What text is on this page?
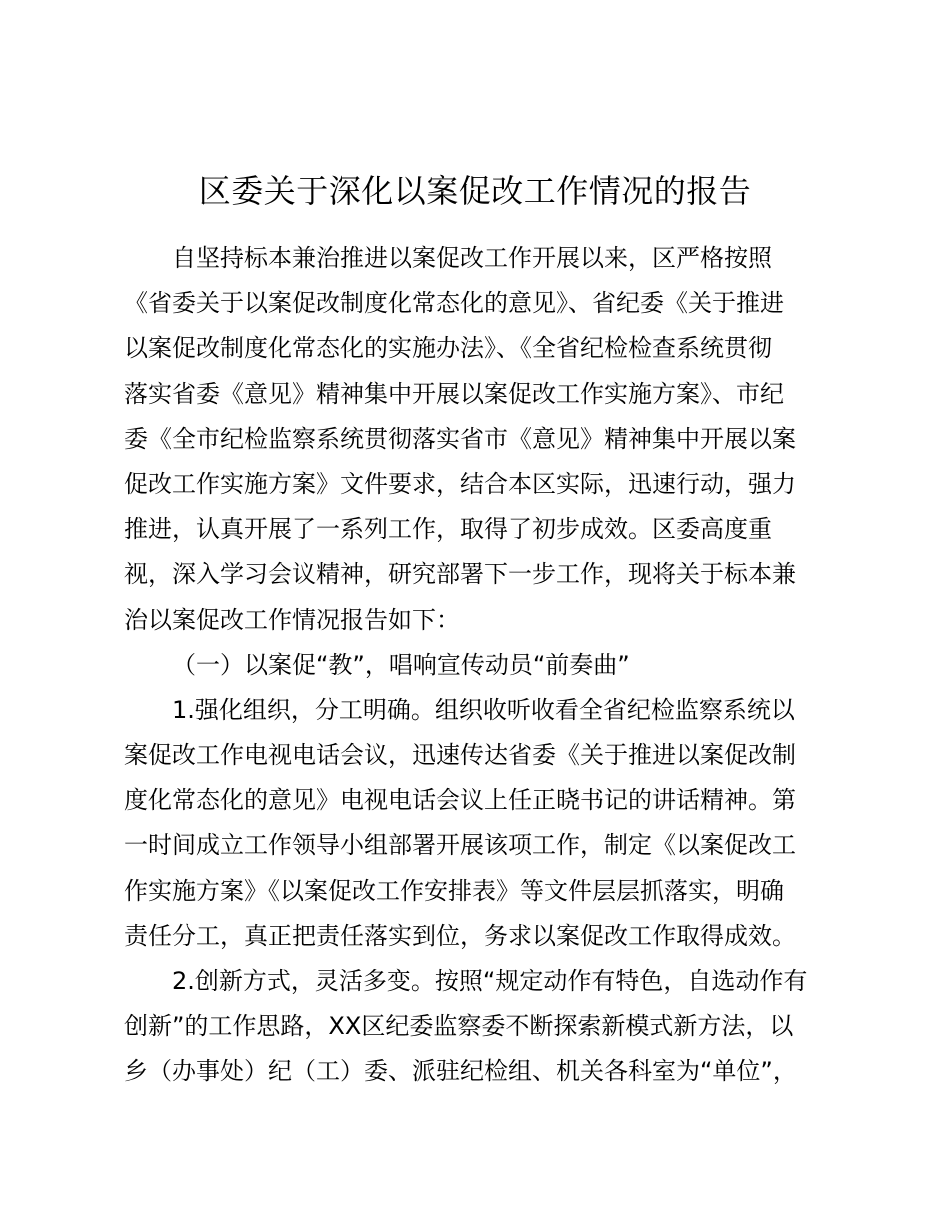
区委关于深化以案促改工作情况的报告
自坚持标本兼治推进以案促改工作开展以来，区严格按照
《省委关于以案促改制度化常态化的意见》、省纪委《关于推进
以案促改制度化常态化的实施办法》、《全省纪检检查系统贯彻
落实省委《意见》精神集中开展以案促改工作实施方案》、市纪
委《全市纪检监察系统贯彻落实省市《意见》精神集中开展以案
促改工作实施方案》文件要求，结合本区实际，迅速行动，强力
推进，认真开展了一系列工作，取得了初步成效。区委高度重
视，深入学习会议精神，研究部署下一步工作，现将关于标本兼
治以案促改工作情况报告如下：
（一）以案促“教”，唱响宣传动员“前奏曲”
1.强化组织，分工明确。组织收听收看全省纪检监察系统以
案促改工作电视电话会议，迅速传达省委《关于推进以案促改制
度化常态化的意见》电视电话会议上任正晓书记的讲话精神。第
一时间成立工作领导小组部署开展该项工作，制定《以案促改工
作实施方案》《以案促改工作安排表》等文件层层抓落实，明确
责任分工，真正把责任落实到位，务求以案促改工作取得成效。
2.创新方式，灵活多变。按照“规定动作有特色，自选动作有
创新”的工作思路，XX区纪委监察委不断探索新模式新方法，以
乡（办事处）纪（工）委、派驻纪检组、机关各科室为“单位”，
